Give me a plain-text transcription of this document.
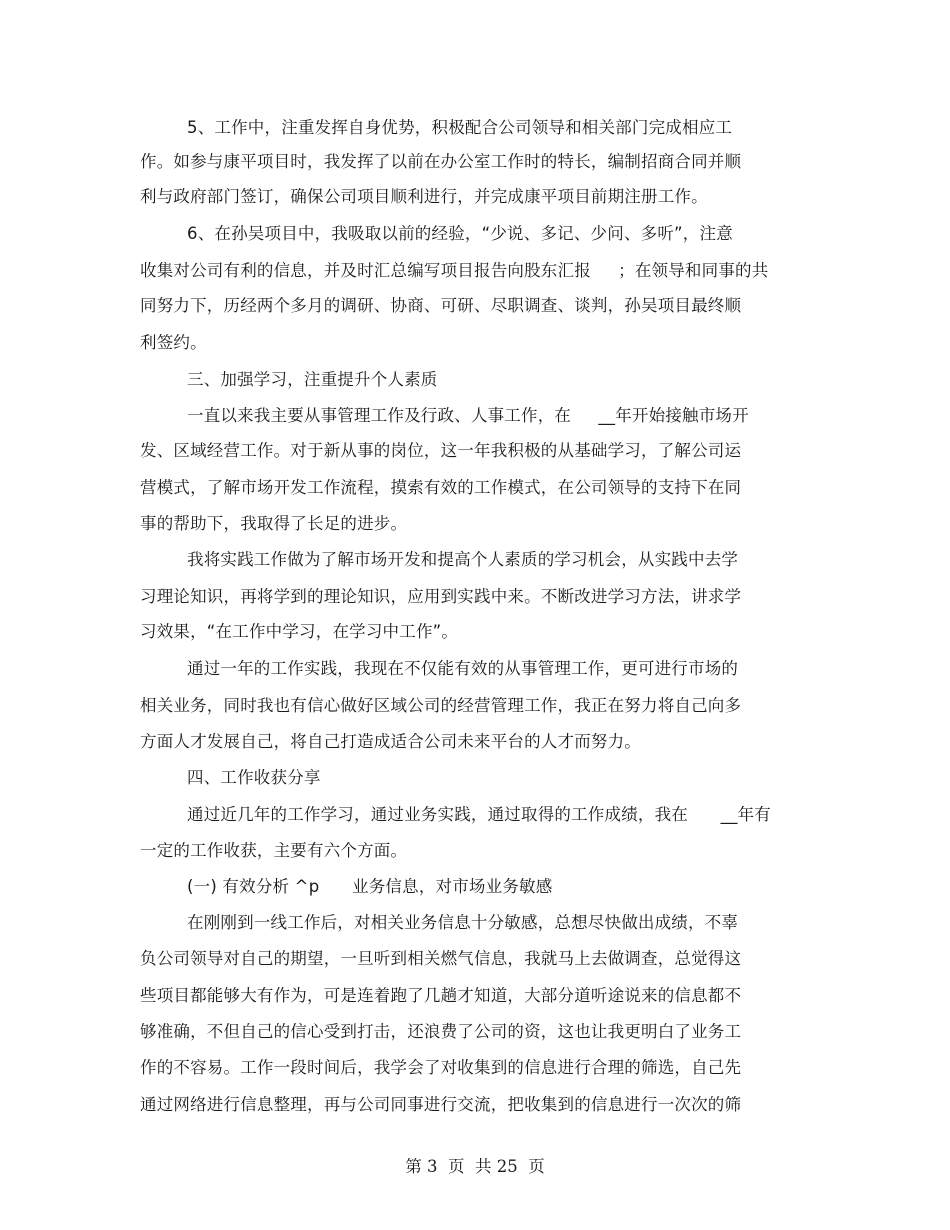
5、工作中，注重发挥自身优势，积极配合公司领导和相关部门完成相应工
作。如参与康平项目时，我发挥了以前在办公室工作时的特长，编制招商合同并顺
利与政府部门签订，确保公司项目顺利进行，并完成康平项目前期注册工作。
6、在孙吴项目中，我吸取以前的经验，“少说、多记、少问、多听”，注意
收集对公司有利的信息，并及时汇总编写项目报告向股东汇报     ；在领导和同事的共
同努力下，历经两个多月的调研、协商、可研、尽职调查、谈判，孙吴项目最终顺
利签约。
三、加强学习，注重提升个人素质
一直以来我主要从事管理工作及行政、人事工作，在     __年开始接触市场开
发、区域经营工作。对于新从事的岗位，这一年我积极的从基础学习，了解公司运
营模式，了解市场开发工作流程，摸索有效的工作模式，在公司领导的支持下在同
事的帮助下，我取得了长足的进步。
我将实践工作做为了解市场开发和提高个人素质的学习机会，从实践中去学
习理论知识，再将学到的理论知识，应用到实践中来。不断改进学习方法，讲求学
习效果，“在工作中学习，在学习中工作”。
通过一年的工作实践，我现在不仅能有效的从事管理工作，更可进行市场的
相关业务，同时我也有信心做好区域公司的经营管理工作，我正在努力将自己向多
方面人才发展自己，将自己打造成适合公司未来平台的人才而努力。
四、工作收获分享
通过近几年的工作学习，通过业务实践，通过取得的工作成绩，我在      __年有
一定的工作收获，主要有六个方面。
(一) 有效分析 ^p      业务信息，对市场业务敏感
在刚刚到一线工作后，对相关业务信息十分敏感，总想尽快做出成绩，不辜
负公司领导对自己的期望，一旦听到相关燃气信息，我就马上去做调查，总觉得这
些项目都能够大有作为，可是连着跑了几趟才知道，大部分道听途说来的信息都不
够准确，不但自己的信心受到打击，还浪费了公司的资，这也让我更明白了业务工
作的不容易。工作一段时间后，我学会了对收集到的信息进行合理的筛选，自己先
通过网络进行信息整理，再与公司同事进行交流，把收集到的信息进行一次次的筛
第 3  页  共 25  页
